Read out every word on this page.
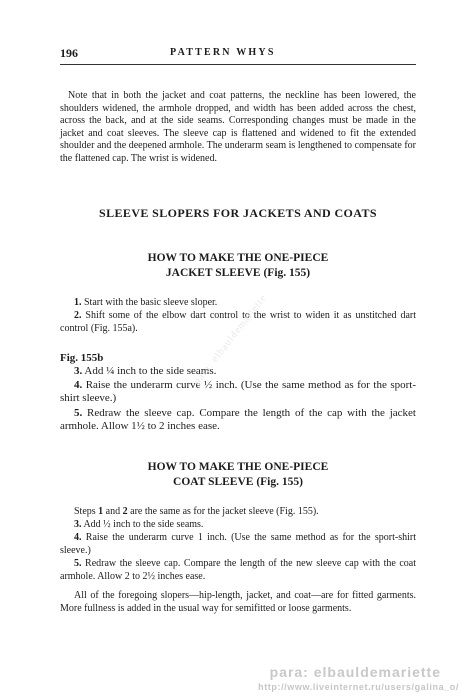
196	PATTERN WHYS

Note that in both the jacket and coat patterns, the neckline has been lowered, the shoulders widened, the armhole dropped, and width has been added across the chest, across the back, and at the side seams. Corresponding changes must be made in the jacket and coat sleeves. The sleeve cap is flattened and widened to fit the extended shoulder and the deepened armhole. The underarm seam is lengthened to compensate for the flattened cap. The wrist is widened.

SLEEVE SLOPERS FOR JACKETS AND COATS
HOW TO MAKE THE ONE-PIECE
JACKET SLEEVE (Fig. 155)

1. Start with the basic sleeve sloper.

2. Shift some of the elbow dart control to the wrist to widen it as unstitched dart control (Fig. 155a).

Fig. 155b

3. Add ¼ inch to the side seams.

4. Raise the underarm curve ½ inch. (Use the same method as for the sport-shirt sleeve.)

5. Redraw the sleeve cap. Compare the length of the cap with the jacket armhole. Allow 1½ to 2 inches ease.

HOW TO MAKE THE ONE-PIECE
COAT SLEEVE (Fig. 155)

Steps 1 and 2 are the same as for the jacket sleeve (Fig. 155).

3. Add ½ inch to the side seams.

4. Raise the underarm curve 1 inch. (Use the same method as for the sport-shirt sleeve.)

5. Redraw the sleeve cap. Compare the length of the new sleeve cap with the coat armhole. Allow 2 to 2½ inches ease.

All of the foregoing slopers—hip-length, jacket, and coat—are for fitted garments. More fullness is added in the usual way for semifitted or loose garments.

para: elbauldemariette
para: elbauldemariette
http://www.liveinternet.ru/users/galina_o/
